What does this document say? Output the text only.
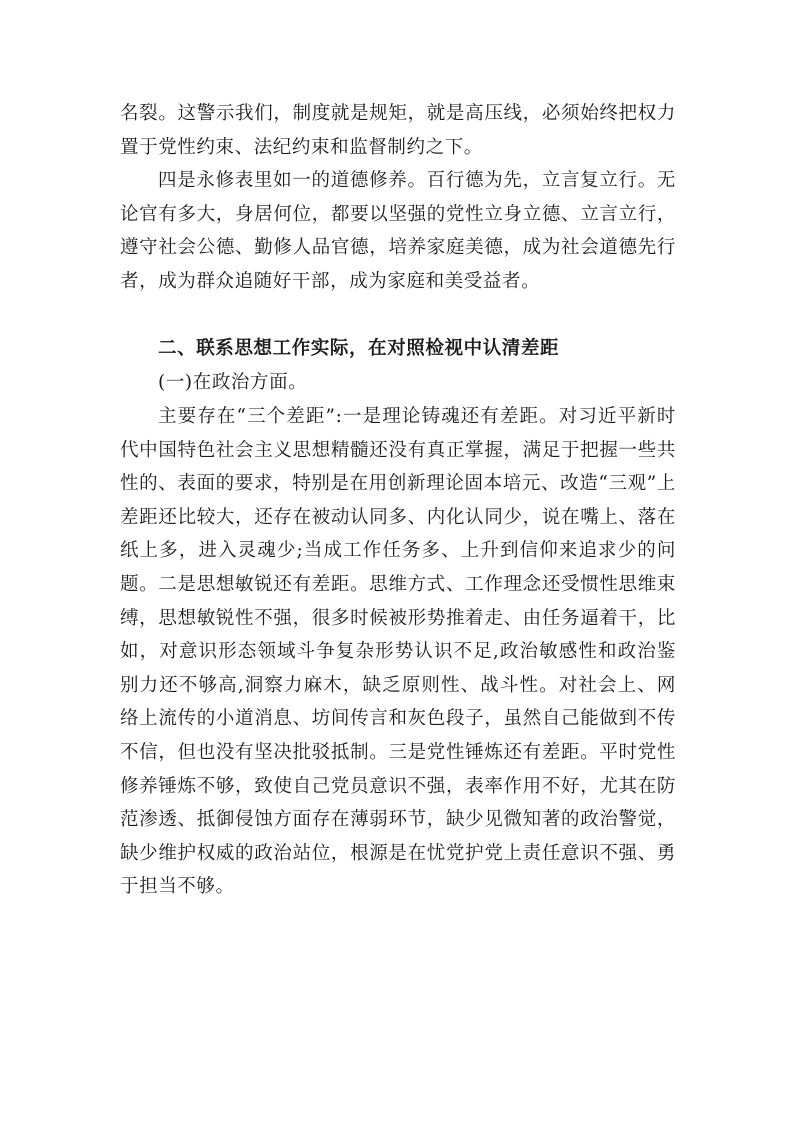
名裂。这警示我们，制度就是规矩，就是高压线，必须始终把权力置于党性约束、法纪约束和监督制约之下。

四是永修表里如一的道德修养。百行德为先，立言复立行。无论官有多大，身居何位，都要以坚强的党性立身立德、立言立行，遵守社会公德、勤修人品官德，培养家庭美德，成为社会道德先行者，成为群众追随好干部，成为家庭和美受益者。

二、联系思想工作实际，在对照检视中认清差距

(一)在政治方面。

主要存在“三个差距”:一是理论铸魂还有差距。对习近平新时代中国特色社会主义思想精髓还没有真正掌握，满足于把握一些共性的、表面的要求，特别是在用创新理论固本培元、改造“三观”上差距还比较大，还存在被动认同多、内化认同少，说在嘴上、落在纸上多，进入灵魂少;当成工作任务多、上升到信仰来追求少的问题。二是思想敏锐还有差距。思维方式、工作理念还受惯性思维束缚，思想敏锐性不强，很多时候被形势推着走、由任务逼着干，比如，对意识形态领域斗争复杂形势认识不足,政治敏感性和政治鉴别力还不够高,洞察力麻木，缺乏原则性、战斗性。对社会上、网络上流传的小道消息、坊间传言和灰色段子，虽然自己能做到不传不信，但也没有坚决批驳抵制。三是党性锤炼还有差距。平时党性修养锤炼不够，致使自己党员意识不强，表率作用不好，尤其在防范渗透、抵御侵蚀方面存在薄弱环节，缺少见微知著的政治警觉，缺少维护权威的政治站位，根源是在忧党护党上责任意识不强、勇于担当不够。
